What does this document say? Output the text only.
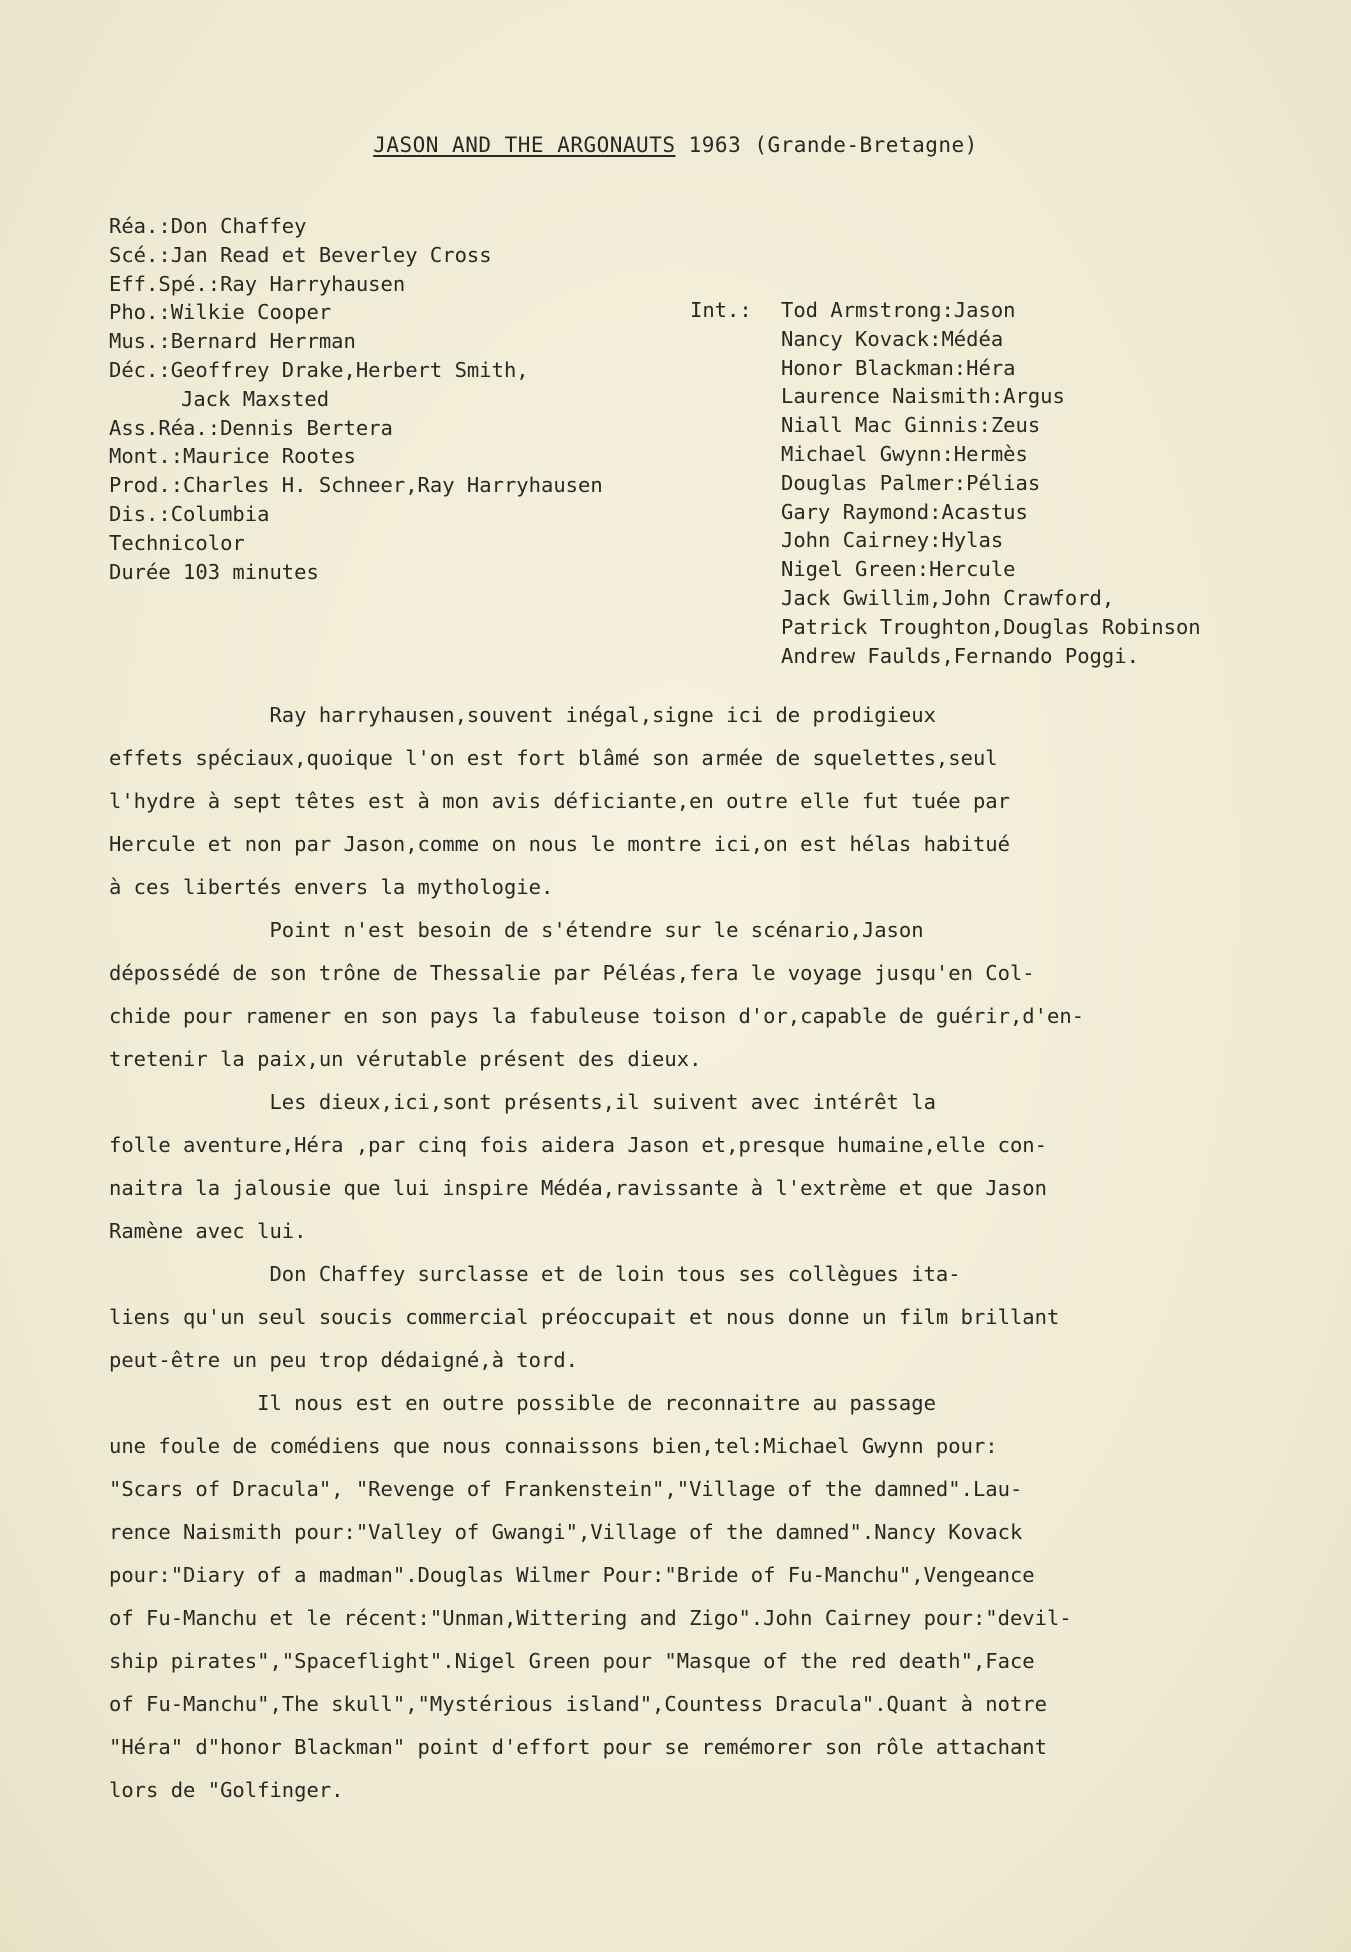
JASON AND THE ARGONAUTS 1963 (Grande-Bretagne)
Réa.:Don Chaffey
Scé.:Jan Read et Beverley Cross
Eff.Spé.:Ray Harryhausen
Pho.:Wilkie Cooper
Mus.:Bernard Herrman
Déc.:Geoffrey Drake,Herbert Smith,
Jack Maxsted
Ass.Réa.:Dennis Bertera
Mont.:Maurice Rootes
Prod.:Charles H. Schneer,Ray Harryhausen
Dis.:Columbia
Technicolor
Durée 103 minutes
Int.: Tod Armstrong:Jason
Nancy Kovack:Médéa
Honor Blackman:Héra
Laurence Naismith:Argus
Niall Mac Ginnis:Zeus
Michael Gwynn:Hermès
Douglas Palmer:Pélias
Gary Raymond:Acastus
John Cairney:Hylas
Nigel Green:Hercule
Jack Gwillim,John Crawford,
Patrick Troughton,Douglas Robinson
Andrew Faulds,Fernando Poggi.
Ray harryhausen,souvent inégal,signe ici de prodigieux
effets spéciaux,quoique l'on est fort blâmé son armée de squelettes,seul
l'hydre à sept têtes est à mon avis déficiante,en outre elle fut tuée par
Hercule et non par Jason,comme on nous le montre ici,on est hélas habitué
à ces libertés envers la mythologie.
Point n'est besoin de s'étendre sur le scénario,Jason
dépossédé de son trône de Thessalie par Péléas,fera le voyage jusqu'en Col-
chide pour ramener en son pays la fabuleuse toison d'or,capable de guérir,d'en-
tretenir la paix,un vérutable présent des dieux.
Les dieux,ici,sont présents,il suivent avec intérêt la
folle aventure,Héra ,par cinq fois aidera Jason et,presque humaine,elle con-
naitra la jalousie que lui inspire Médéa,ravissante à l'extrème et que Jason
Ramène avec lui.
Don Chaffey surclasse et de loin tous ses collègues ita-
liens qu'un seul soucis commercial préoccupait et nous donne un film brillant
peut-être un peu trop dédaigné,à tord.
Il nous est en outre possible de reconnaitre au passage
une foule de comédiens que nous connaissons bien,tel:Michael Gwynn pour:
"Scars of Dracula", "Revenge of Frankenstein","Village of the damned".Lau-
rence Naismith pour:"Valley of Gwangi",Village of the damned".Nancy Kovack
pour:"Diary of a madman".Douglas Wilmer Pour:"Bride of Fu-Manchu",Vengeance
of Fu-Manchu et le récent:"Unman,Wittering and Zigo".John Cairney pour:"devil-
ship pirates","Spaceflight".Nigel Green pour "Masque of the red death",Face
of Fu-Manchu",The skull","Mystérious island",Countess Dracula".Quant à notre
"Héra" d"honor Blackman" point d'effort pour se remémorer son rôle attachant
lors de "Golfinger.
